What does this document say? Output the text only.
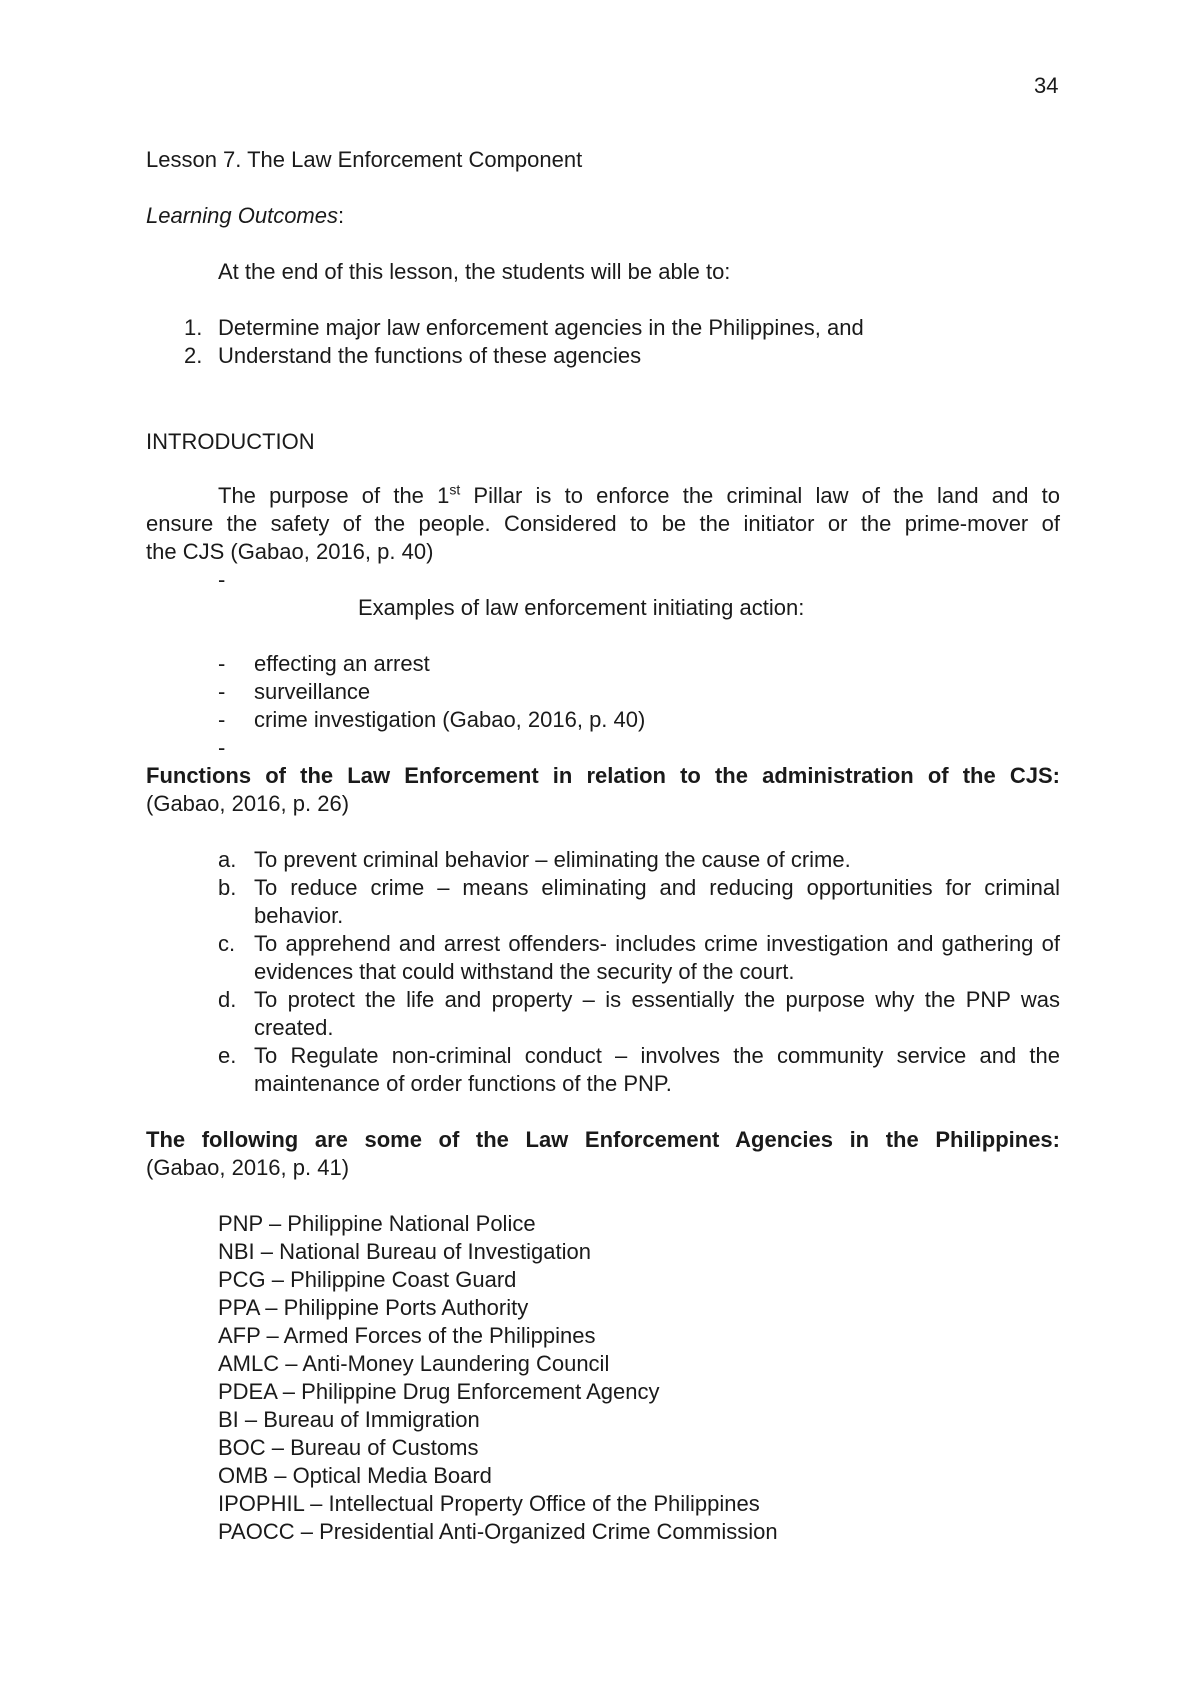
34
Lesson 7. The Law Enforcement Component
Learning Outcomes:
At the end of this lesson, the students will be able to:
1. Determine major law enforcement agencies in the Philippines, and
2. Understand the functions of these agencies
INTRODUCTION
The purpose of the 1st Pillar is to enforce the criminal law of the land and to
ensure the safety of the people. Considered to be the initiator or the prime-mover of
the CJS (Gabao, 2016, p. 40)
-
Examples of law enforcement initiating action:
- effecting an arrest
- surveillance
- crime investigation (Gabao, 2016, p. 40)
-
Functions of the Law Enforcement in relation to the administration of the CJS:
(Gabao, 2016, p. 26)
a. To prevent criminal behavior – eliminating the cause of crime.
b. To reduce crime – means eliminating and reducing opportunities for criminal behavior.
c. To apprehend and arrest offenders- includes crime investigation and gathering of evidences that could withstand the security of the court.
d. To protect the life and property – is essentially the purpose why the PNP was created.
e. To Regulate non-criminal conduct – involves the community service and the maintenance of order functions of the PNP.
The following are some of the Law Enforcement Agencies in the Philippines:
(Gabao, 2016, p. 41)
PNP – Philippine National Police
NBI – National Bureau of Investigation
PCG – Philippine Coast Guard
PPA – Philippine Ports Authority
AFP – Armed Forces of the Philippines
AMLC – Anti-Money Laundering Council
PDEA – Philippine Drug Enforcement Agency
BI – Bureau of Immigration
BOC – Bureau of Customs
OMB – Optical Media Board
IPOPHIL – Intellectual Property Office of the Philippines
PAOCC – Presidential Anti-Organized Crime Commission
